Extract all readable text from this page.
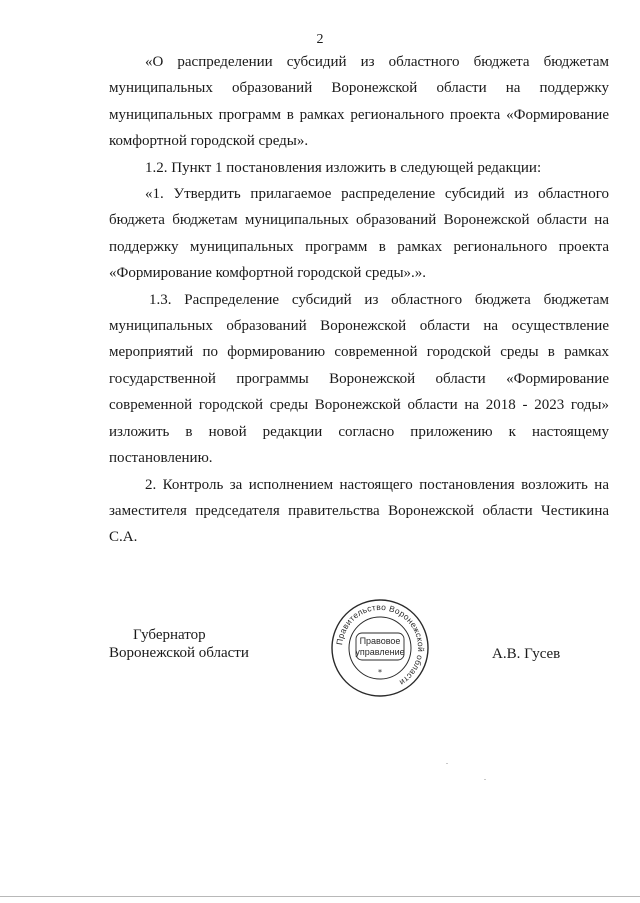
2

«О распределении субсидий из областного бюджета бюджетам муниципальных образований Воронежской области на поддержку муниципальных программ в рамках регионального проекта «Формирование комфортной городской среды».

1.2. Пункт 1 постановления изложить в следующей редакции:

«1. Утвердить прилагаемое распределение субсидий из областного бюджета бюджетам муниципальных образований Воронежской области на поддержку муниципальных программ в рамках регионального проекта «Формирование комфортной городской среды».».

1.3. Распределение субсидий из областного бюджета бюджетам муниципальных образований Воронежской области на осуществление мероприятий по формированию современной городской среды в рамках государственной программы Воронежской области «Формирование современной городской среды Воронежской области на 2018 - 2023 годы» изложить в новой редакции согласно приложению к настоящему постановлению.

2. Контроль за исполнением настоящего постановления возложить на заместителя председателя правительства Воронежской области Честикина С.А.

Губернатор
Воронежской области	А.В. Гусев
Правительство Воронежской области
Правовое
управление
*
